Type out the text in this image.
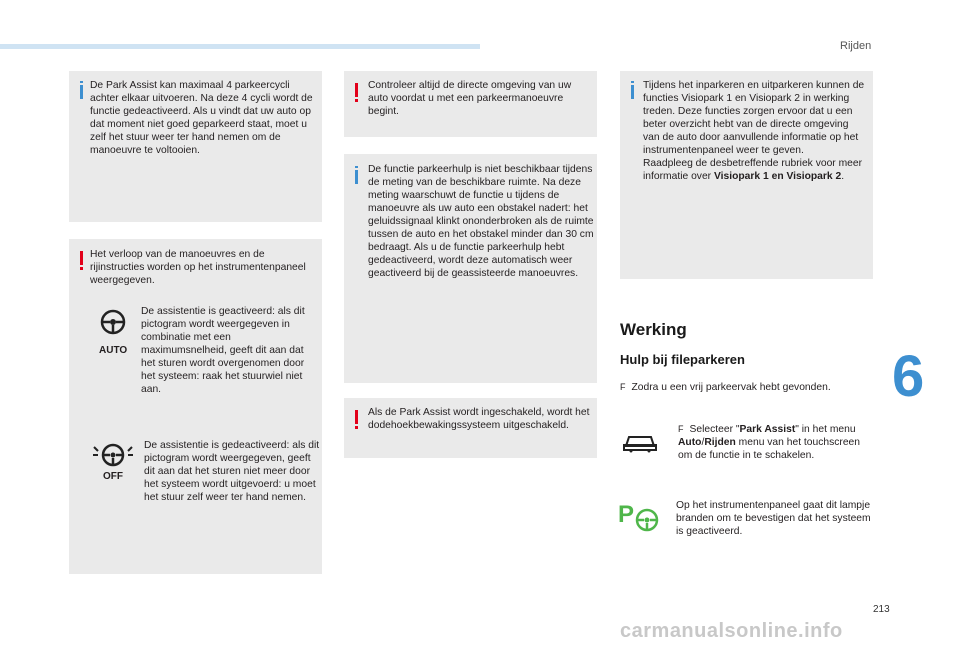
Rijden
6
213
De Park Assist kan maximaal 4 parkeercycli achter elkaar uitvoeren. Na deze 4 cycli wordt de functie gedeactiveerd. Als u vindt dat uw auto op dat moment niet goed geparkeerd staat, moet u zelf het stuur weer ter hand nemen om de manoeuvre te voltooien.
Het verloop van de manoeuvres en de rijinstructies worden op het instrumentenpaneel weergegeven.
AUTO
De assistentie is geactiveerd: als dit pictogram wordt weergegeven in combinatie met een maximumsnelheid, geeft dit aan dat het sturen wordt overgenomen door het systeem: raak het stuurwiel niet aan.
OFF
De assistentie is gedeactiveerd: als dit pictogram wordt weergegeven, geeft dit aan dat het sturen niet meer door het systeem wordt uitgevoerd: u moet het stuur zelf weer ter hand nemen.
Controleer altijd de directe omgeving van uw auto voordat u met een parkeermanoeuvre begint.
De functie parkeerhulp is niet beschikbaar tijdens de meting van de beschikbare ruimte. Na deze meting waarschuwt de functie u tijdens de manoeuvre als uw auto een obstakel nadert: het geluidssignaal klinkt ononderbroken als de ruimte tussen de auto en het obstakel minder dan 30 cm bedraagt. Als u de functie parkeerhulp hebt gedeactiveerd, wordt deze automatisch weer geactiveerd bij de geassisteerde manoeuvres.
Als de Park Assist wordt ingeschakeld, wordt het dodehoekbewakingssysteem uitgeschakeld.
Tijdens het inparkeren en uitparkeren kunnen de functies Visiopark 1 en Visiopark 2 in werking treden. Deze functies zorgen ervoor dat u een beter overzicht hebt van de directe omgeving van de auto door aanvullende informatie op het instrumentenpaneel weer te geven.
Raadpleeg de desbetreffende rubriek voor meer informatie over Visiopark 1 en Visiopark 2.
Werking
Hulp bij fileparkeren
F Zodra u een vrij parkeervak hebt gevonden.
F Selecteer "Park Assist" in het menu Auto/Rijden menu van het touchscreen om de functie in te schakelen.
P	Op het instrumentenpaneel gaat dit lampje branden om te bevestigen dat het systeem is geactiveerd.
carmanualsonline.info
